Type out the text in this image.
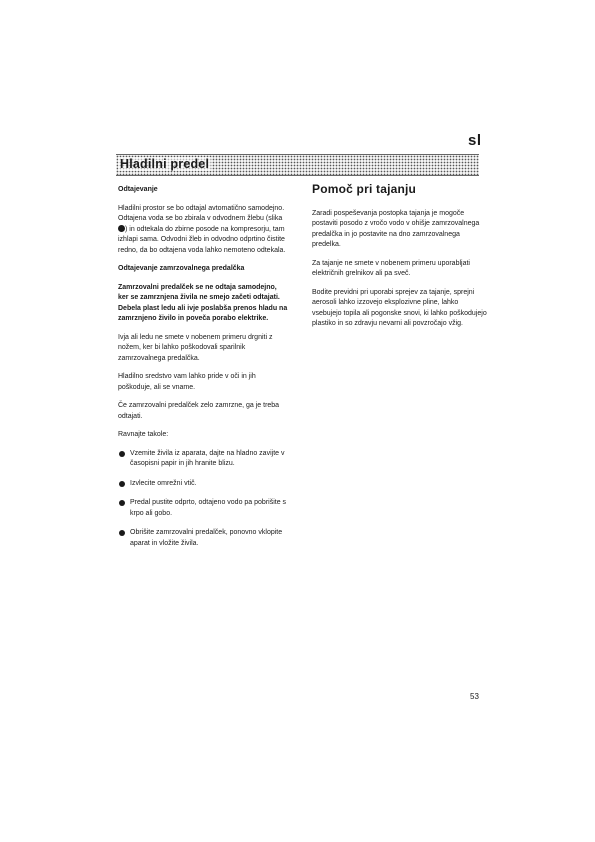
sl
Hladilni predel
Odtajevanje

Hladilni prostor se bo odtajal avtomatično samodejno. Odtajena voda se bo zbirala v odvodnem žlebu (slika ) in odtekala do zbirne posode na kompresorju, tam izhlapi sama. Odvodni žleb in odvodno odprtino čistite redno, da bo odtajena voda lahko nemoteno odtekala.

Odtajevanje zamrzovalnega predalčka

Zamrzovalni predalček se ne odtaja samodejno, ker se zamrznjena živila ne smejo začeti odtajati. Debela plast ledu ali ivje poslabša prenos hladu na zamrznjeno živilo in poveča porabo elektrike.

Ivja ali ledu ne smete v nobenem primeru drgniti z nožem, ker bi lahko poškodovali sparilnik zamrzovalnega predalčka.

Hladilno sredstvo vam lahko pride v oči in jih poškoduje, ali se vname.

Če zamrzovalni predalček zelo zamrzne, ga je treba odtajati.

Ravnajte takole:

Vzemite živila iz aparata, dajte na hladno zavijte v časopisni papir in jih hranite blizu.
Izvlecite omrežni vtič.
Predal pustite odprto, odtajeno vodo pa pobrišite s krpo ali gobo.
Obrišite zamrzovalni predalček, ponovno vklopite aparat in vložite živila.
Pomoč pri tajanju

Zaradi pospeševanja postopka tajanja je mogoče postaviti posodo z vročo vodo v ohišje zamrzovalnega predalčka in jo postavite na dno zamrzovalnega predelka.

Za tajanje ne smete v nobenem primeru uporabljati električnih grelnikov ali pa sveč.

Bodite previdni pri uporabi sprejev za tajanje, sprejni aerosoli lahko izzovejo eksplozivne pline, lahko vsebujejo topila ali pogonske snovi, ki lahko poškodujejo plastiko in so zdravju nevarni ali povzročajo vžig.

53
